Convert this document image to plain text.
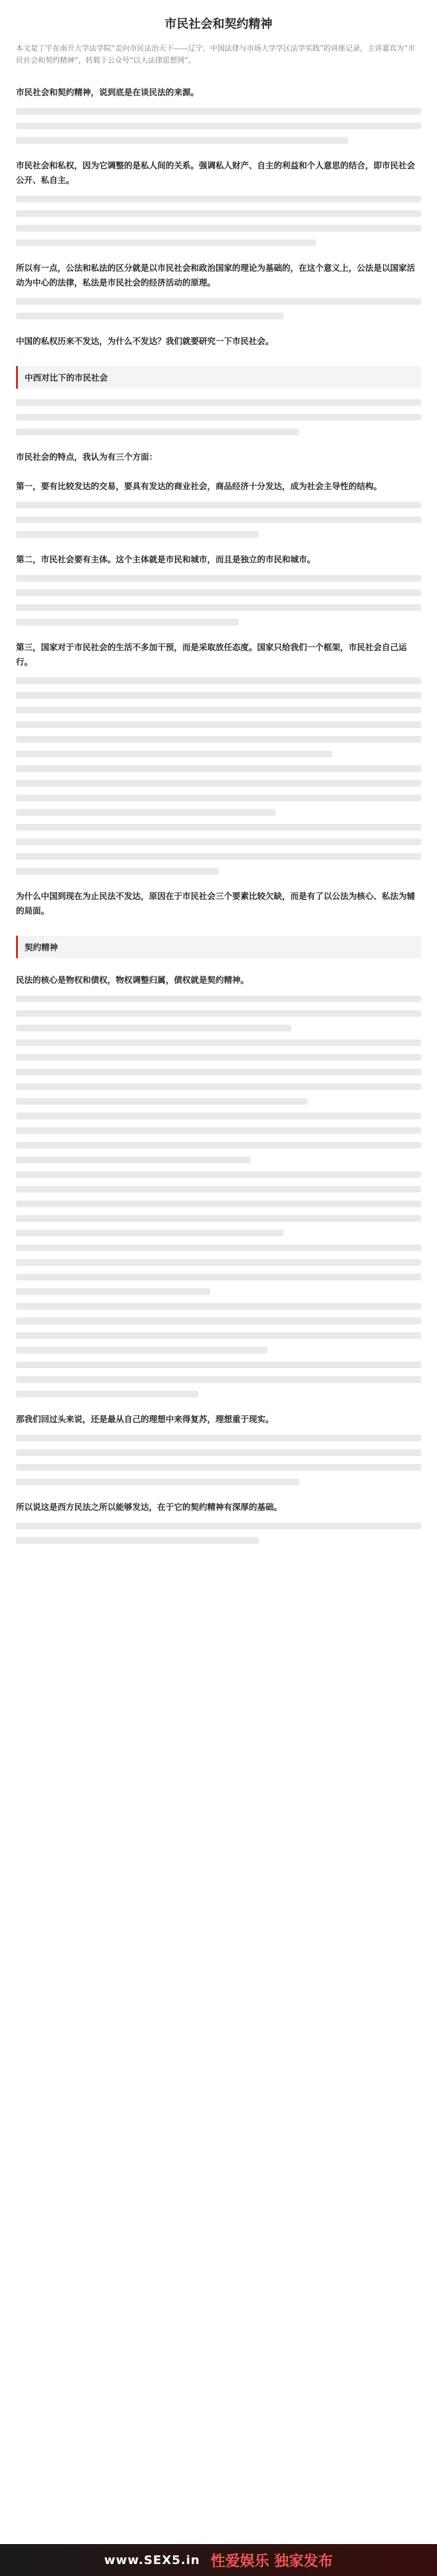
市民社会和契约精神

本文是丁宇在南开大学法学院“走向市民法治天下——辽宁、中国法律与市场大学学区法学实践”的讲座记录，主讲嘉宾为“市民社会和契约精神”，转载于公众号“以大法律思想网”。

市民社会和契约精神，说到底是在谈民法的来源。

市民社会和私权，因为它调整的是私人间的关系。强调私人财产、自主的利益和个人意思的结合，即市民社会公开、私自主。

所以有一点，公法和私法的区分就是以市民社会和政治国家的理论为基础的，在这个意义上，公法是以国家活动为中心的法律，私法是市民社会的经济活动的原理。

中国的私权历来不发达，为什么不发达？我们就要研究一下市民社会。

中西对比下的市民社会

市民社会的特点，我认为有三个方面：

第一，要有比较发达的交易，要具有发达的商业社会，商品经济十分发达，成为社会主导性的结构。

第二，市民社会要有主体。这个主体就是市民和城市，而且是独立的市民和城市。

第三，国家对于市民社会的生活不多加干预，而是采取放任态度。国家只给我们一个框架，市民社会自己运行。

为什么中国到现在为止民法不发达，原因在于市民社会三个要素比较欠缺，而是有了以公法为核心、私法为辅的局面。

契约精神

民法的核心是物权和债权，物权调整归属，债权就是契约精神。

那我们回过头来说，还是最从自己的理想中来得复苏，理想重于现实。

所以说这是西方民法之所以能够发达，在于它的契约精神有深厚的基础。

www.SEX5.in 性爱娱乐 独家发布
